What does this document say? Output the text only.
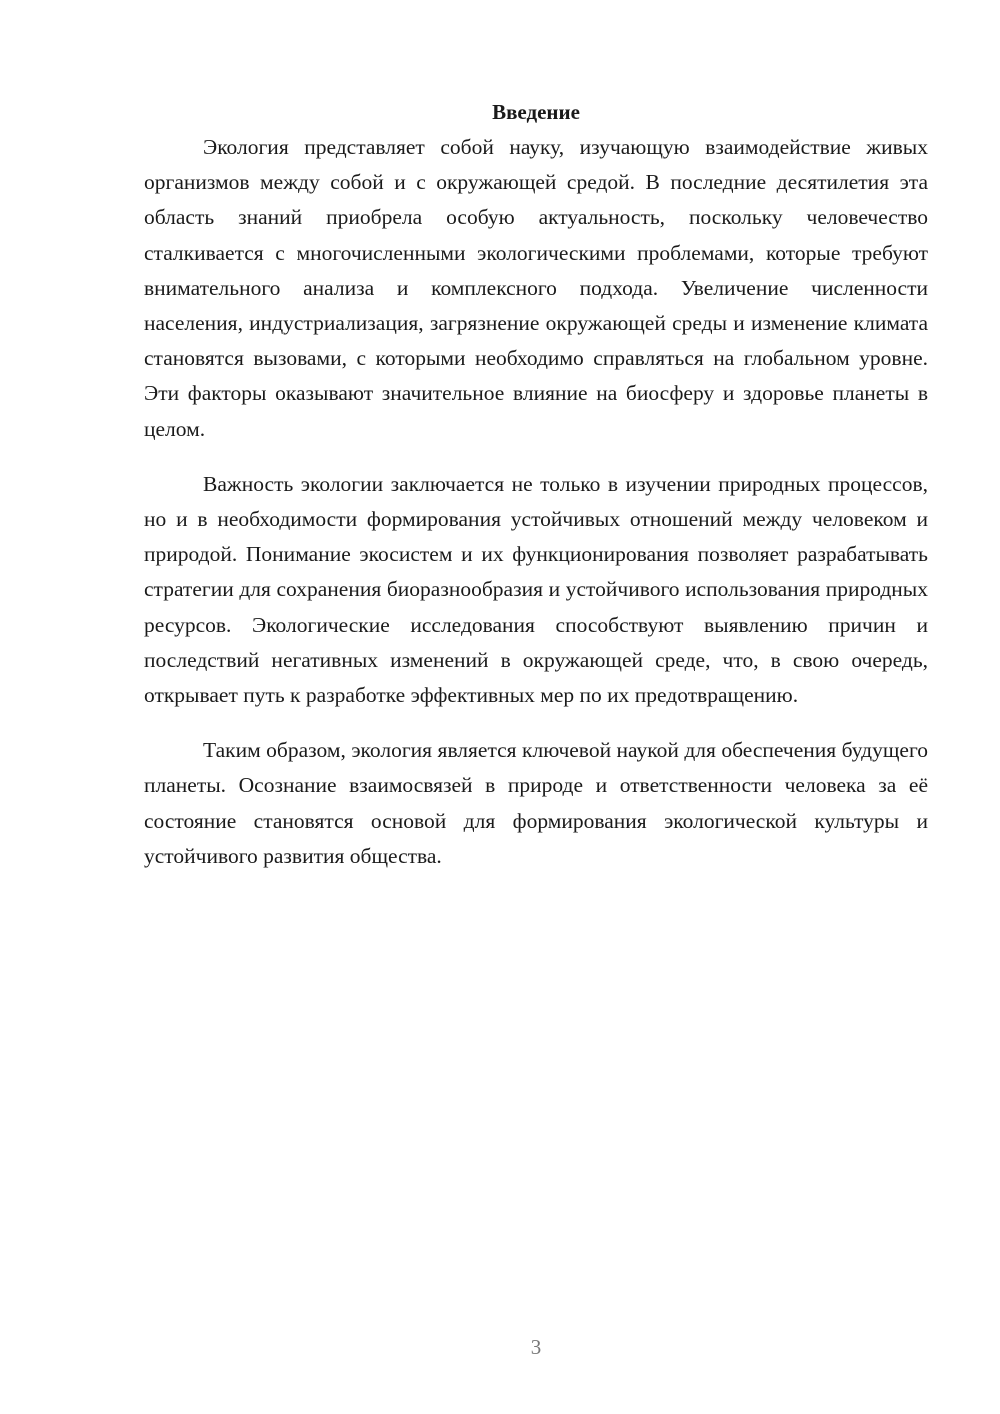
Введение

Экология представляет собой науку, изучающую взаимодействие живых организмов между собой и с окружающей средой. В последние десятилетия эта область знаний приобрела особую актуальность, поскольку человечество сталкивается с многочисленными экологическими проблемами, которые требуют внимательного анализа и комплексного подхода. Увеличение численности населения, индустриализация, загрязнение окружающей среды и изменение климата становятся вызовами, с которыми необходимо справляться на глобальном уровне. Эти факторы оказывают значительное влияние на биосферу и здоровье планеты в целом.

Важность экологии заключается не только в изучении природных процессов, но и в необходимости формирования устойчивых отношений между человеком и природой. Понимание экосистем и их функционирования позволяет разрабатывать стратегии для сохранения биоразнообразия и устойчивого использования природных ресурсов. Экологические исследования способствуют выявлению причин и последствий негативных изменений в окружающей среде, что, в свою очередь, открывает путь к разработке эффективных мер по их предотвращению.

Таким образом, экология является ключевой наукой для обеспечения будущего планеты. Осознание взаимосвязей в природе и ответственности человека за её состояние становятся основой для формирования экологической культуры и устойчивого развития общества.

3
